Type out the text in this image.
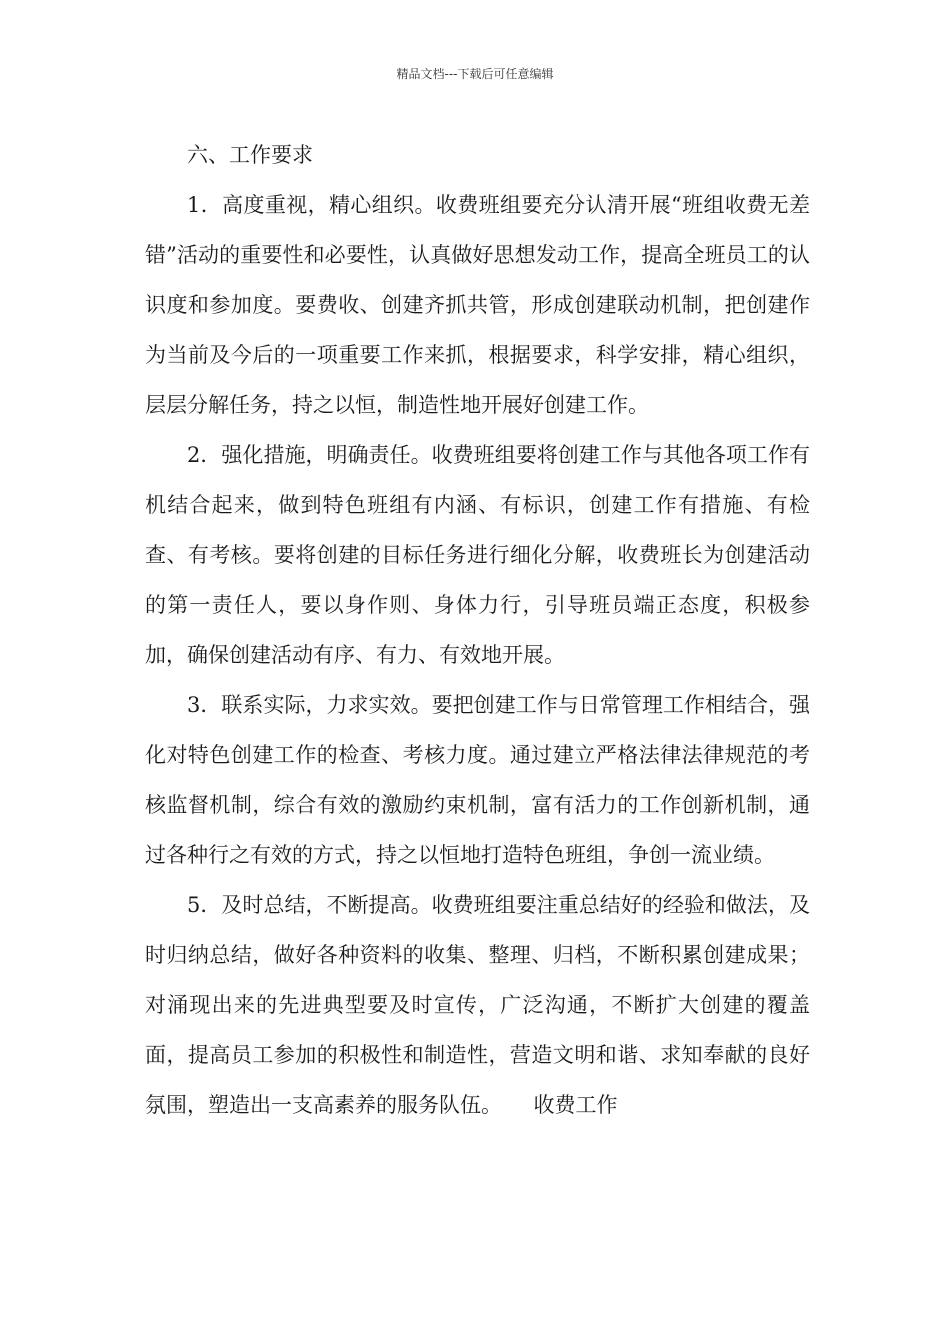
精品文档---下载后可任意编辑
六、工作要求

1．高度重视，精心组织。收费班组要充分认清开展“班组收费无差错”活动的重要性和必要性，认真做好思想发动工作，提高全班员工的认识度和参加度。要费收、创建齐抓共管，形成创建联动机制，把创建作为当前及今后的一项重要工作来抓，根据要求，科学安排，精心组织，层层分解任务，持之以恒，制造性地开展好创建工作。

2．强化措施，明确责任。收费班组要将创建工作与其他各项工作有机结合起来，做到特色班组有内涵、有标识，创建工作有措施、有检查、有考核。要将创建的目标任务进行细化分解，收费班长为创建活动的第一责任人，要以身作则、身体力行，引导班员端正态度，积极参加，确保创建活动有序、有力、有效地开展。

3．联系实际，力求实效。要把创建工作与日常管理工作相结合，强化对特色创建工作的检查、考核力度。通过建立严格法律法律规范的考核监督机制，综合有效的激励约束机制，富有活力的工作创新机制，通过各种行之有效的方式，持之以恒地打造特色班组，争创一流业绩。

5．及时总结，不断提高。收费班组要注重总结好的经验和做法，及时归纳总结，做好各种资料的收集、整理、归档，不断积累创建成果；对涌现出来的先进典型要及时宣传，广泛沟通，不断扩大创建的覆盖面，提高员工参加的积极性和制造性，营造文明和谐、求知奉献的良好氛围，塑造出一支高素养的服务队伍。　　收费工作
